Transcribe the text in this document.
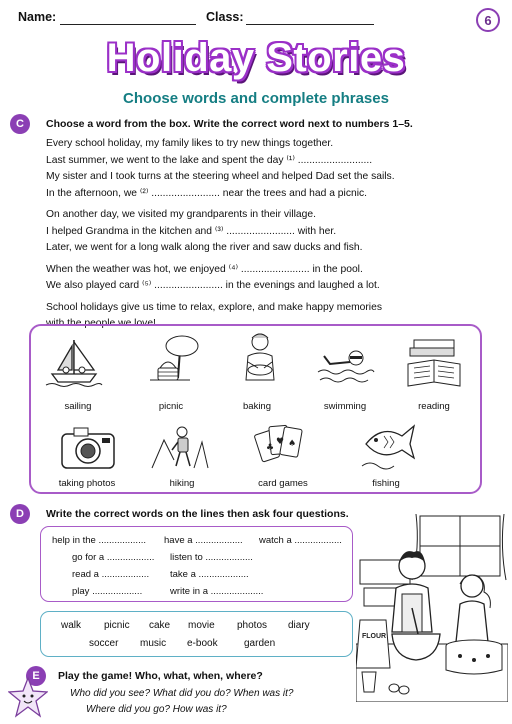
Name:	Class:	6
Holiday Stories
Choose words and complete phrases
C	Choose a word from the box. Write the correct word next to numbers 1–5.

Every school holiday, my family likes to try new things together.

Last summer, we went to the lake and spent the day ⁽¹⁾ ..........................

My sister and I took turns at the steering wheel and helped Dad set the sails.

In the afternoon, we ⁽²⁾ ........................ near the trees and had a picnic.

On another day, we visited my grandparents in their village.

I helped Grandma in the kitchen and ⁽³⁾ ........................ with her.

Later, we went for a long walk along the river and saw ducks and fish.

When the weather was hot, we enjoyed ⁽⁴⁾ ........................ in the pool.

We also played card ⁽⁵⁾ ........................ in the evenings and laughed a lot.

School holidays give us time to relax, explore, and make happy memories

with the people we love!

sailing	picnic	baking	swimming	reading
taking photos	hiking
♣
♥ ♠
card games	fishing
D	Write the correct words on the lines then ask four questions.
help in the .................. have a .................. watch a ..................
go for a .................. listen to ..................
read a .................. take a ...................
play ...................	write in a ....................
walk picnic cake movie photos diary
soccer music e-book	garden
FLOUR
E	Play the game! Who, what, when, where?
Who did you see? What did you do? When was it?
Where did you go? How was it?
